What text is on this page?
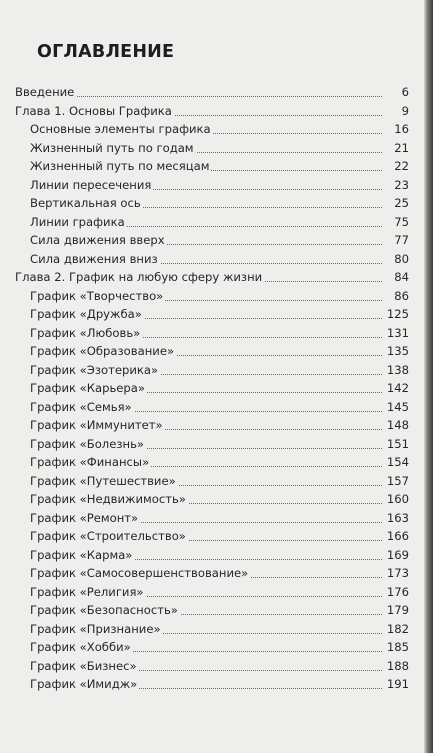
ОГЛАВЛЕНИЕ
Введение	6
Глава 1. Основы Графика	9
Основные элементы графика	16
Жизненный путь по годам	21
Жизненный путь по месяцам	22
Линии пересечения	23
Вертикальная ось	25
Линии графика	75
Сила движения вверх	77
Сила движения вниз	80
Глава 2. График на любую сферу жизни	84
График «Творчество»	86
График «Дружба»	125
График «Любовь»	131
График «Образование»	135
График «Эзотерика»	138
График «Карьера»	142
График «Семья»	145
График «Иммунитет»	148
График «Болезнь»	151
График «Финансы»	154
График «Путешествие»	157
График «Недвижимость»	160
График «Ремонт»	163
График «Строительство»	166
График «Карма»	169
График «Самосовершенствование»	173
График «Религия»	176
График «Безопасность»	179
График «Признание»	182
График «Хобби»	185
График «Бизнес»	188
График «Имидж»	191
